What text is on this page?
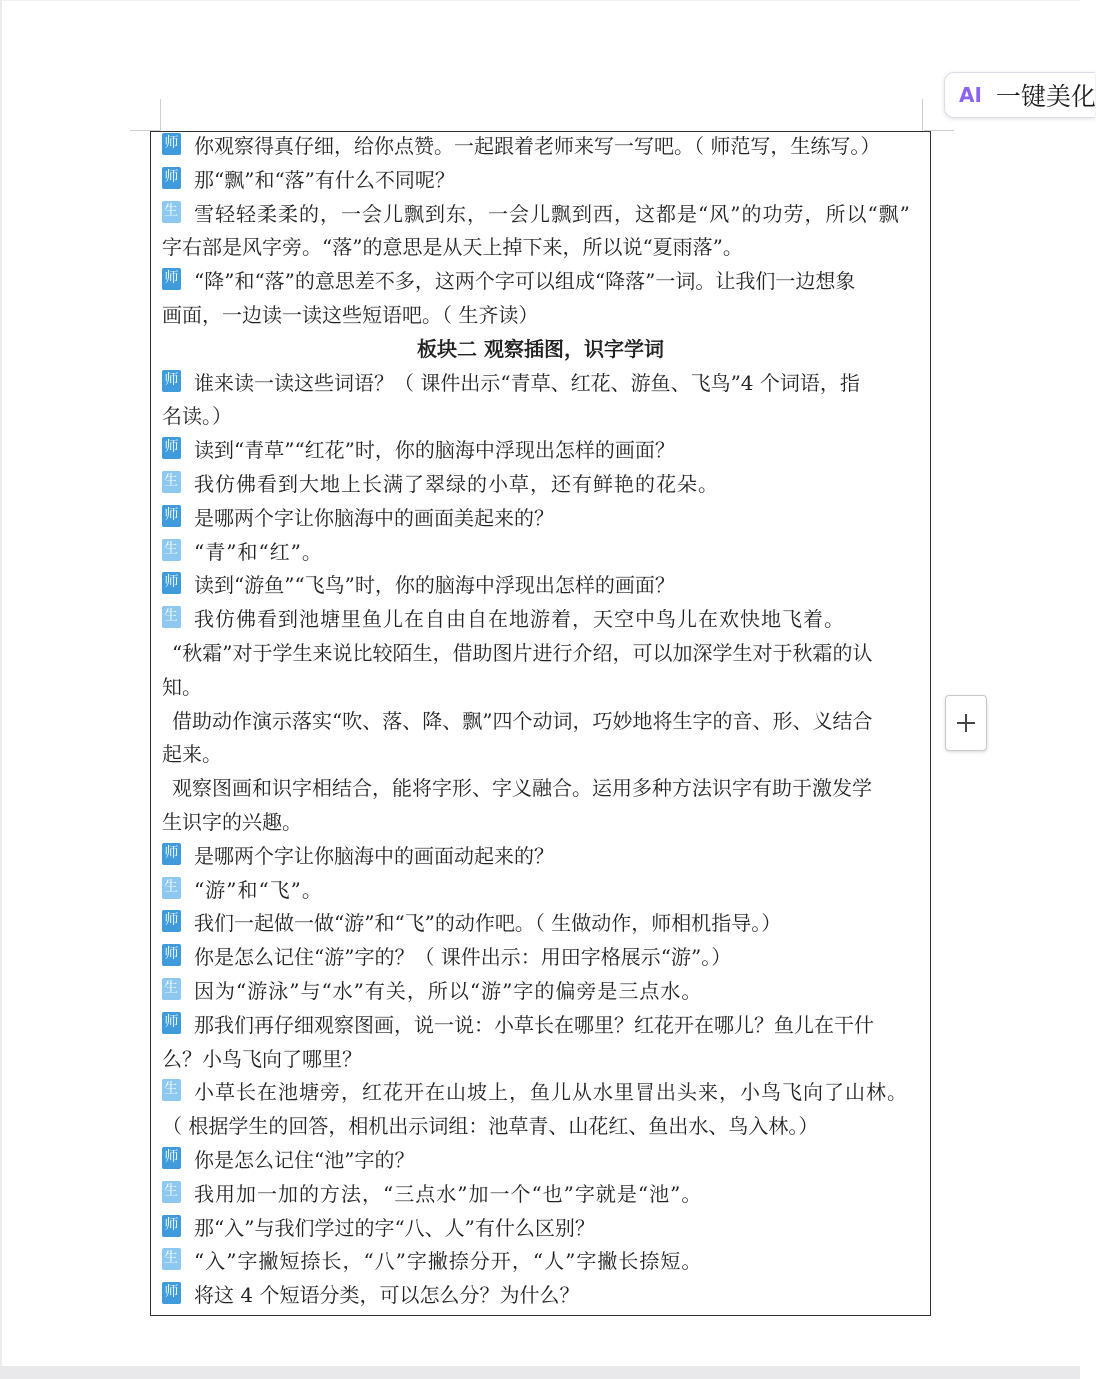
师 你观察得真仔细，给你点赞。一起跟着老师来写一写吧。（ 师范写，生练写。）
师 那“飘”和“落”有什么不同呢？
生 雪轻轻柔柔的，一会儿飘到东，一会儿飘到西，这都是“风”的功劳，所以“飘”
字右部是风字旁。“落”的意思是从天上掉下来，所以说“夏雨落”。
师 “降”和“落”的意思差不多，这两个字可以组成“降落”一词。让我们一边想象
画面，一边读一读这些短语吧。（ 生齐读）
板块二 观察插图，识字学词
师 谁来读一读这些词语？（ 课件出示“青草、红花、游鱼、飞鸟”4 个词语，指
名读。）
师 读到“青草”“红花”时，你的脑海中浮现出怎样的画面？
生 我仿佛看到大地上长满了翠绿的小草，还有鲜艳的花朵。
师 是哪两个字让你脑海中的画面美起来的？
生 “青”和“红”。
师 读到“游鱼”“飞鸟”时，你的脑海中浮现出怎样的画面？
生 我仿佛看到池塘里鱼儿在自由自在地游着，天空中鸟儿在欢快地飞着。
“秋霜”对于学生来说比较陌生，借助图片进行介绍，可以加深学生对于秋霜的认
知。
借助动作演示落实“吹、落、降、飘”四个动词，巧妙地将生字的音、形、义结合
起来。
观察图画和识字相结合，能将字形、字义融合。运用多种方法识字有助于激发学
生识字的兴趣。
师 是哪两个字让你脑海中的画面动起来的？
生 “游”和“飞”。
师 我们一起做一做“游”和“飞”的动作吧。（ 生做动作，师相机指导。）
师 你是怎么记住“游”字的？（ 课件出示：用田字格展示“游”。）
生 因为“游泳”与“水”有关，所以“游”字的偏旁是三点水。
师 那我们再仔细观察图画，说一说：小草长在哪里？红花开在哪儿？鱼儿在干什
么？小鸟飞向了哪里？
生 小草长在池塘旁，红花开在山坡上，鱼儿从水里冒出头来，小鸟飞向了山林。
（ 根据学生的回答，相机出示词组：池草青、山花红、鱼出水、鸟入林。）
师 你是怎么记住“池”字的？
生 我用加一加的方法，“三点水”加一个“也”字就是“池”。
师 那“入”与我们学过的字“八、人”有什么区别？
生 “入”字撇短捺长，“八”字撇捺分开，“人”字撇长捺短。
师 将这 4 个短语分类，可以怎么分？为什么？
AI 一键美化
